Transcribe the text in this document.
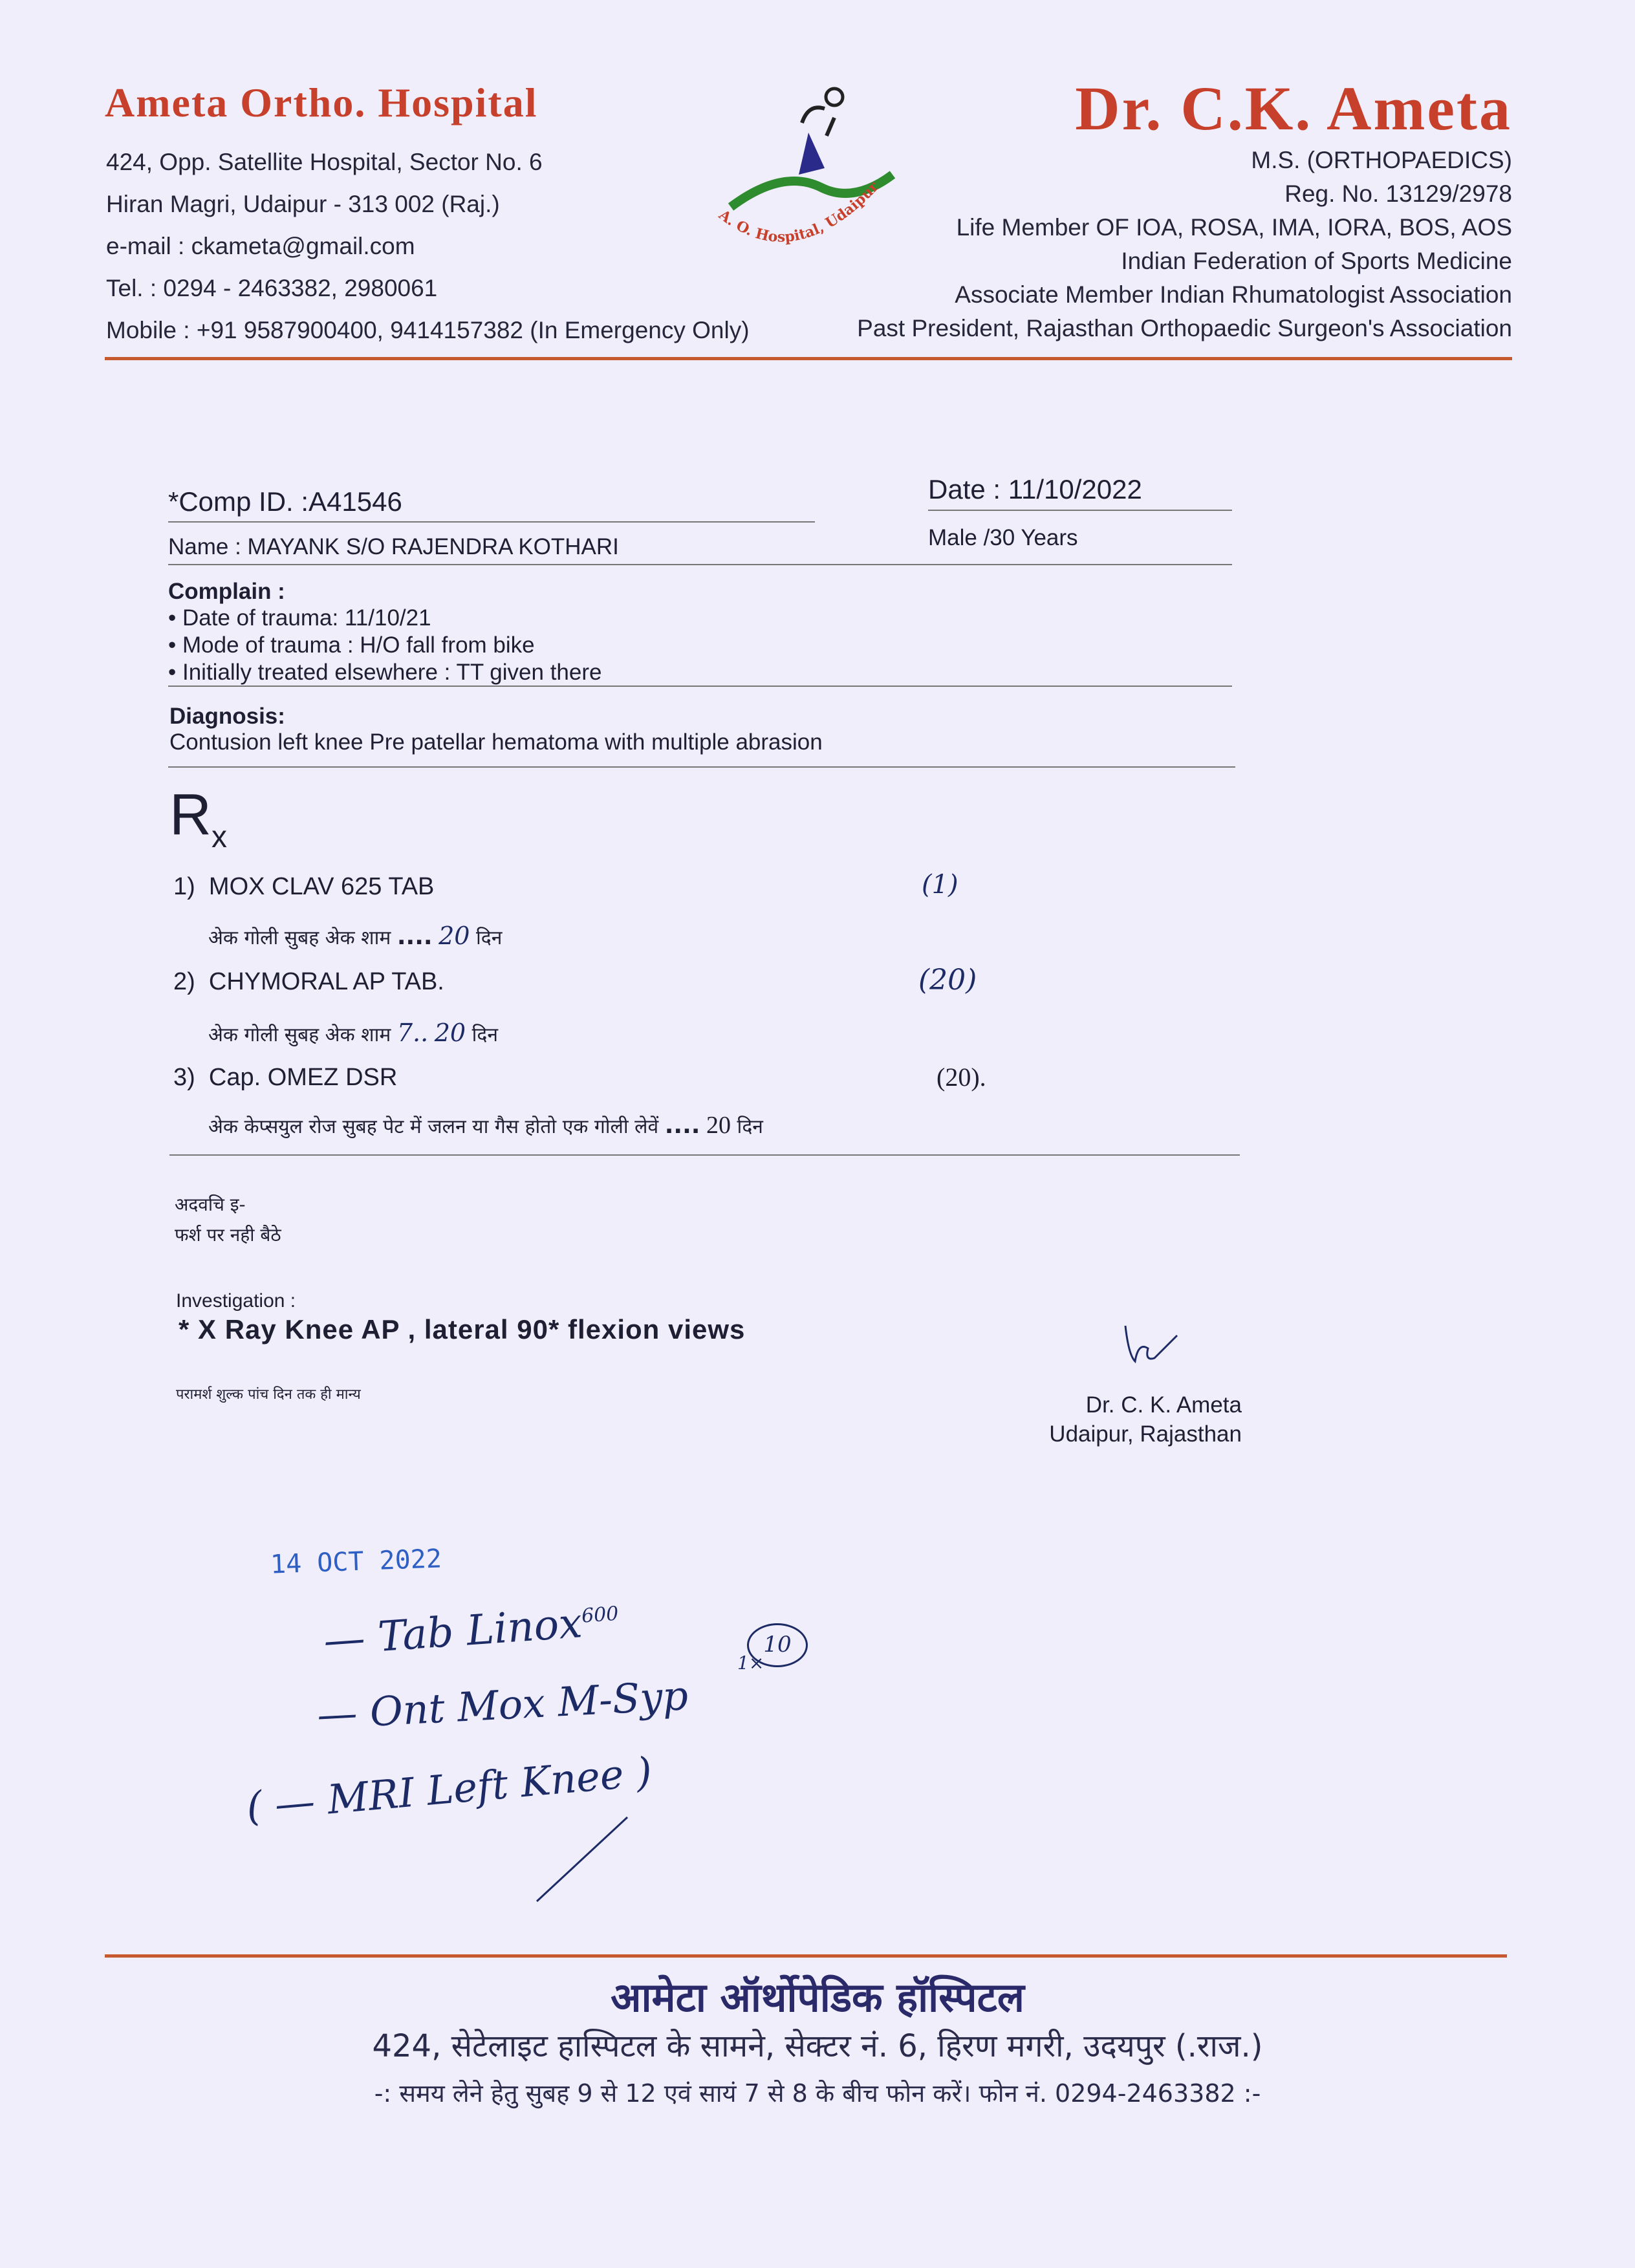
Ameta Ortho. Hospital
424, Opp. Satellite Hospital, Sector No. 6
Hiran Magri, Udaipur - 313 002 (Raj.)
e-mail : ckameta@gmail.com
Tel. : 0294 - 2463382, 2980061
Mobile : +91 9587900400, 9414157382 (In Emergency Only)
A. O. Hospital, Udaipur
Dr. C.K. Ameta
M.S. (ORTHOPAEDICS)
Reg. No. 13129/2978
Life Member OF IOA, ROSA, IMA, IORA, BOS, AOS
Indian Federation of Sports Medicine
Associate Member Indian Rhumatologist Association
Past President, Rajasthan Orthopaedic Surgeon's Association
*Comp ID. :A41546	Date : 11/10/2022
Name : MAYANK S/O RAJENDRA KOTHARI	Male /30 Years
Complain :
• Date of trauma: 11/10/21
• Mode of trauma : H/O fall from bike
• Initially treated elsewhere : TT given there
Diagnosis:
Contusion left knee Pre patellar hematoma with multiple abrasion
$R_x$
1) MOX CLAV 625 TAB
अेक गोली सुबह अेक शाम .... 20 दिन
(1)
2) CHYMORAL AP TAB.
अेक गोली सुबह अेक शाम 7.. 20 दिन
(20)
3) Cap. OMEZ DSR
अेक केप्सयुल रोज सुबह पेट में जलन या गैस होतो एक गोली लेवें .... 20 दिन
(20).
अदवचि इ-
फर्श पर नही बैठे
Investigation :
* X Ray Knee AP , lateral 90* flexion views
परामर्श शुल्क पांच दिन तक ही मान्य	Dr. C. K. Ameta
Udaipur, Rajasthan
14 OCT 2022
— Tab Linox$^{600}$
10
1×
— Ont Mox M-Syp
( — MRI Left Knee )
आमेटा ऑर्थोपेडिक हॉस्पिटल
424, सेटेलाइट हास्पिटल के सामने, सेक्टर नं. 6, हिरण मगरी, उदयपुर (.राज.)
-: समय लेने हेतु सुबह 9 से 12 एवं सायं 7 से 8 के बीच फोन करें। फोन नं. 0294-2463382 :-
